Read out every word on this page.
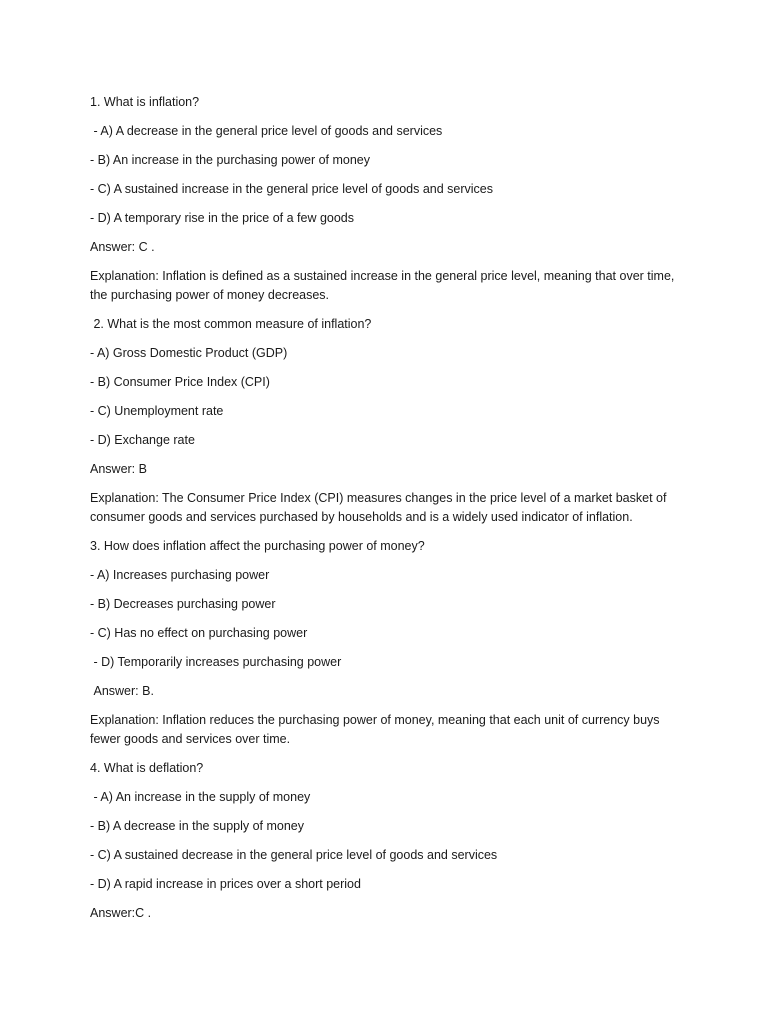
1. What is inflation?

- A) A decrease in the general price level of goods and services

- B) An increase in the purchasing power of money

- C) A sustained increase in the general price level of goods and services

- D) A temporary rise in the price of a few goods

Answer: C .

Explanation: Inflation is defined as a sustained increase in the general price level, meaning that over time, the purchasing power of money decreases.

2. What is the most common measure of inflation?

- A) Gross Domestic Product (GDP)

- B) Consumer Price Index (CPI)

- C) Unemployment rate

- D) Exchange rate

Answer: B

Explanation: The Consumer Price Index (CPI) measures changes in the price level of a market basket of consumer goods and services purchased by households and is a widely used indicator of inflation.

3. How does inflation affect the purchasing power of money?

- A) Increases purchasing power

- B) Decreases purchasing power

- C) Has no effect on purchasing power

- D) Temporarily increases purchasing power

Answer: B.

Explanation: Inflation reduces the purchasing power of money, meaning that each unit of currency buys fewer goods and services over time.

4. What is deflation?

- A) An increase in the supply of money

- B) A decrease in the supply of money

- C) A sustained decrease in the general price level of goods and services

- D) A rapid increase in prices over a short period

Answer:C .
